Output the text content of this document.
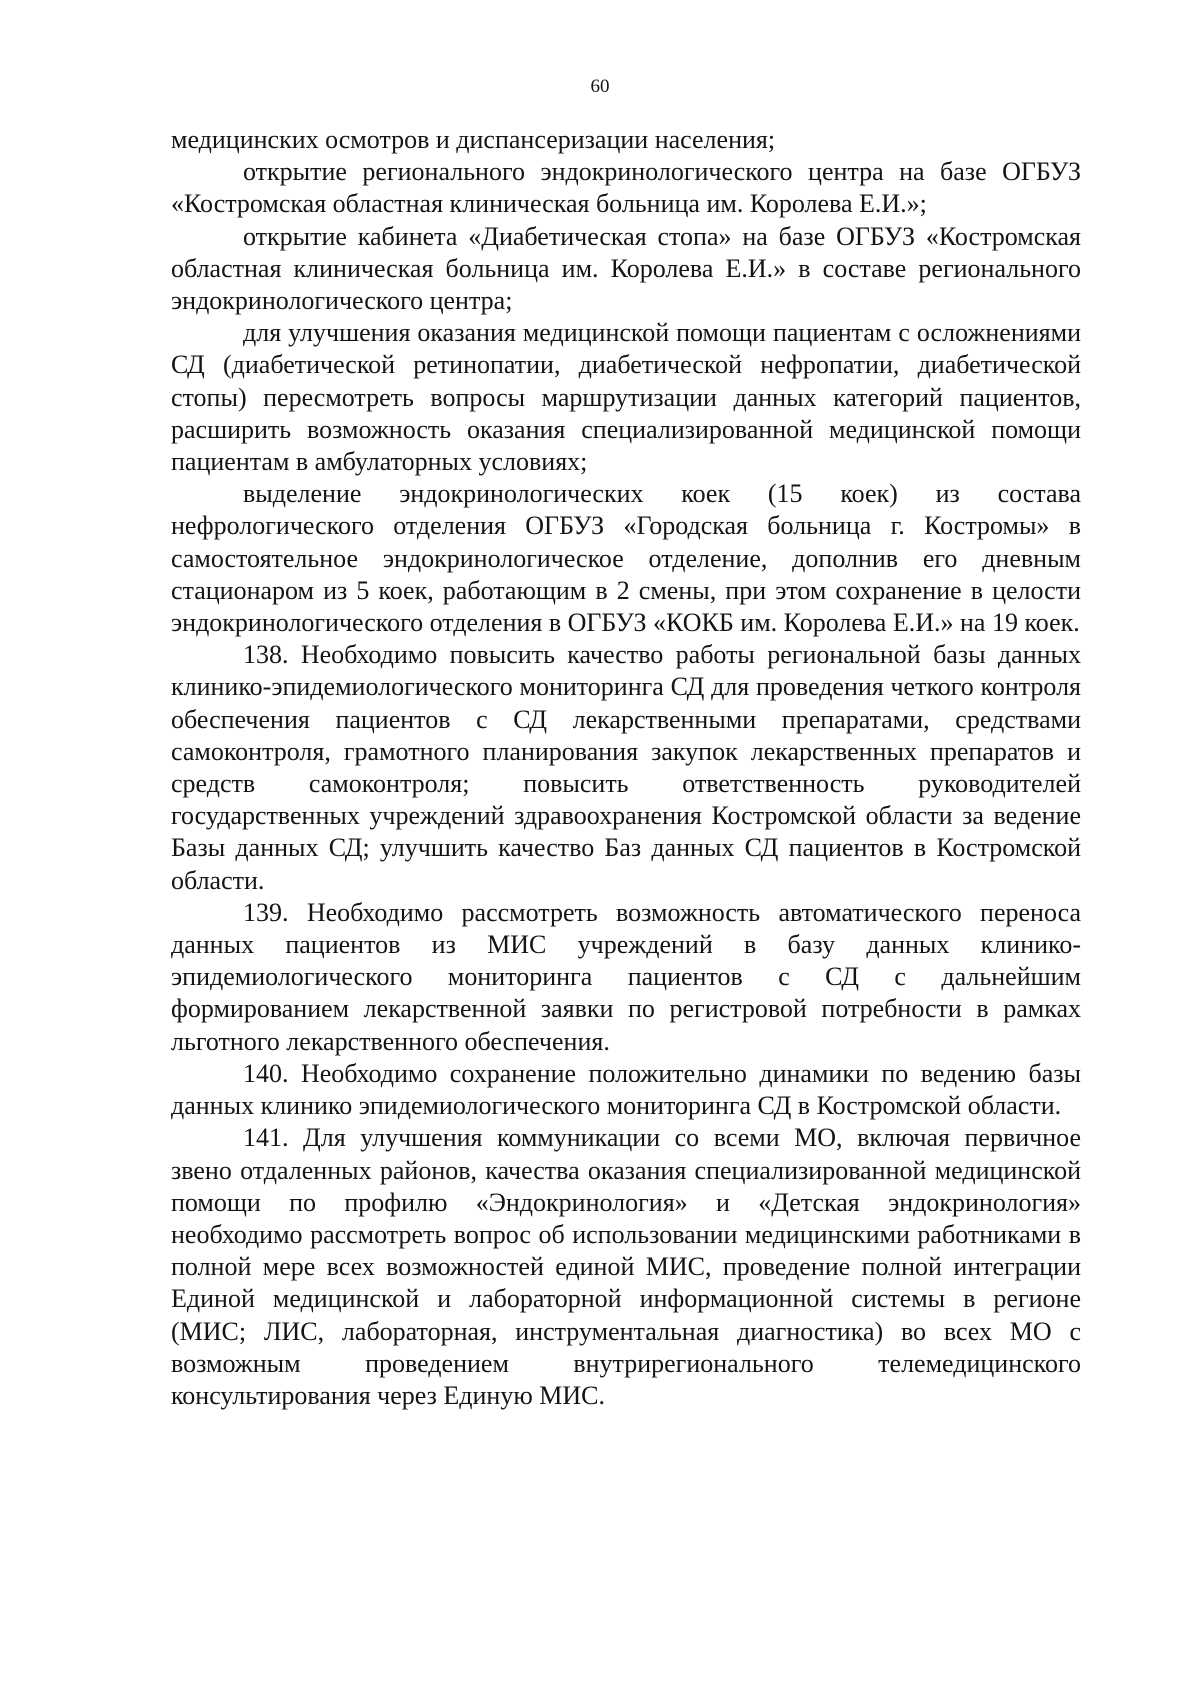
60

медицинских осмотров и диспансеризации населения;

открытие регионального эндокринологического центра на базе ОГБУЗ «Костромская областная клиническая больница им. Королева Е.И.»;

открытие кабинета «Диабетическая стопа» на базе ОГБУЗ «Костромская областная клиническая больница им. Королева Е.И.» в составе регионального эндокринологического центра;

для улучшения оказания медицинской помощи пациентам с осложнениями СД (диабетической ретинопатии, диабетической нефропатии, диабетической стопы) пересмотреть вопросы маршрутизации данных категорий пациентов, расширить возможность оказания специализированной медицинской помощи пациентам в амбулаторных условиях;

выделение эндокринологических коек (15 коек) из состава нефрологического отделения ОГБУЗ «Городская больница г. Костромы» в самостоятельное эндокринологическое отделение, дополнив его дневным стационаром из 5 коек, работающим в 2 смены, при этом сохранение в целости эндокринологического отделения в ОГБУЗ «КОКБ им. Королева Е.И.» на 19 коек.

138. Необходимо повысить качество работы региональной базы данных клинико-эпидемиологического мониторинга СД для проведения четкого контроля обеспечения пациентов с СД лекарственными препаратами, средствами самоконтроля, грамотного планирования закупок лекарственных препаратов и средств самоконтроля; повысить ответственность руководителей государственных учреждений здравоохранения Костромской области за ведение Базы данных СД; улучшить качество Баз данных СД пациентов в Костромской области.

139. Необходимо рассмотреть возможность автоматического переноса данных пациентов из МИС учреждений в базу данных клинико-эпидемиологического мониторинга пациентов с СД с дальнейшим формированием лекарственной заявки по регистровой потребности в рамках льготного лекарственного обеспечения.

140. Необходимо сохранение положительно динамики по ведению базы данных клинико эпидемиологического мониторинга СД в Костромской области.

141. Для улучшения коммуникации со всеми МО, включая первичное звено отдаленных районов, качества оказания специализированной медицинской помощи по профилю «Эндокринология» и «Детская эндокринология» необходимо рассмотреть вопрос об использовании медицинскими работниками в полной мере всех возможностей единой МИС, проведение полной интеграции Единой медицинской и лабораторной информационной системы в регионе (МИС; ЛИС, лабораторная, инструментальная диагностика) во всех МО с возможным проведением внутрирегионального телемедицинского консультирования через Единую МИС.
